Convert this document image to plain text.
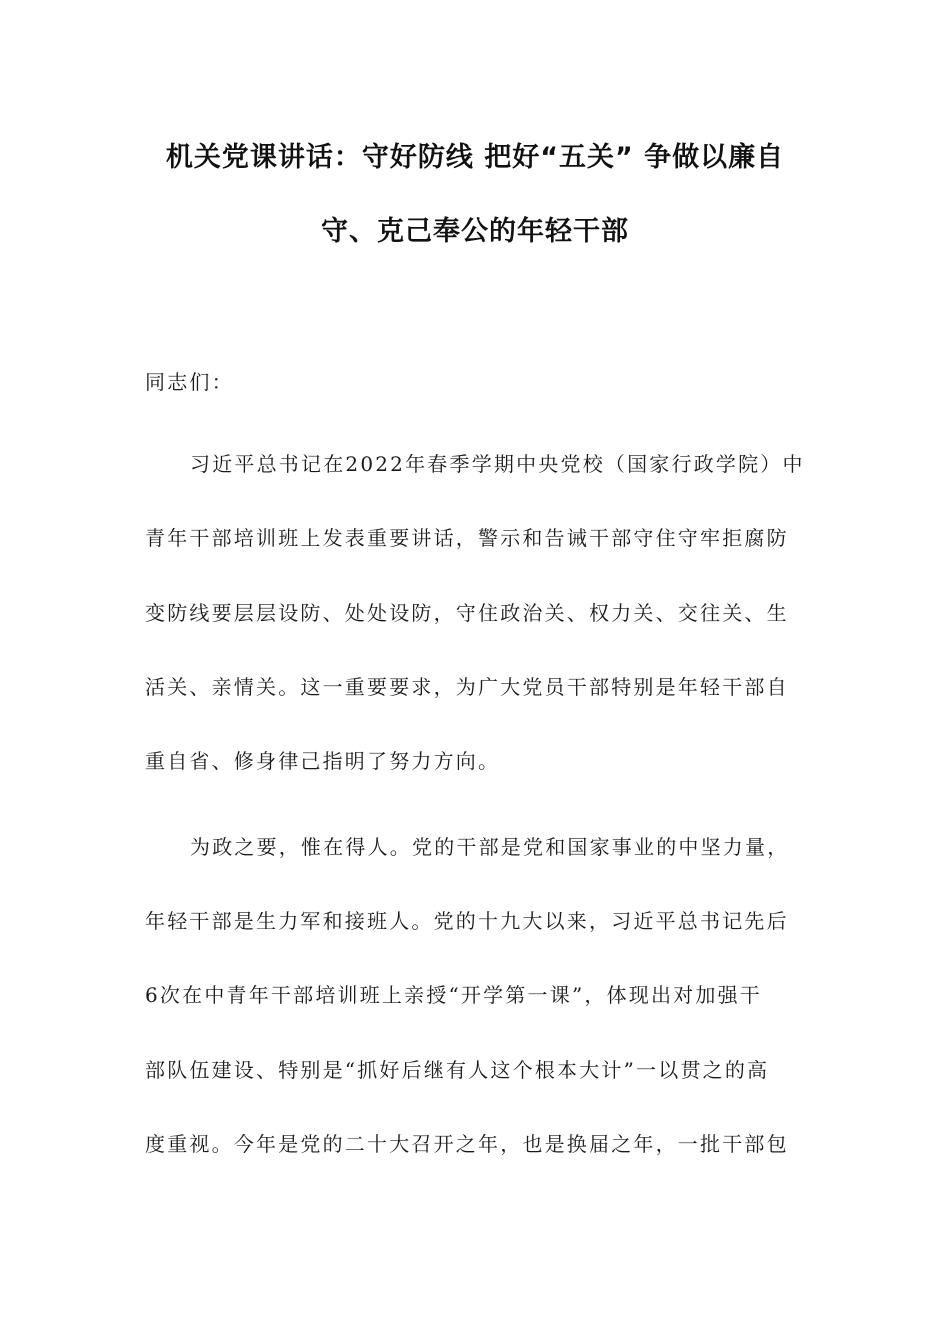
机关党课讲话：守好防线 把好“五关” 争做以廉自
守、克己奉公的年轻干部
同志们：
习近平总书记在2022年春季学期中央党校（国家行政学院）中
青年干部培训班上发表重要讲话，警示和告诫干部守住守牢拒腐防
变防线要层层设防、处处设防，守住政治关、权力关、交往关、生
活关、亲情关。这一重要要求，为广大党员干部特别是年轻干部自
重自省、修身律己指明了努力方向。
为政之要，惟在得人。党的干部是党和国家事业的中坚力量，
年轻干部是生力军和接班人。党的十九大以来，习近平总书记先后
6次在中青年干部培训班上亲授“开学第一课”，体现出对加强干
部队伍建设、特别是“抓好后继有人这个根本大计”一以贯之的高
度重视。今年是党的二十大召开之年，也是换届之年，一批干部包
